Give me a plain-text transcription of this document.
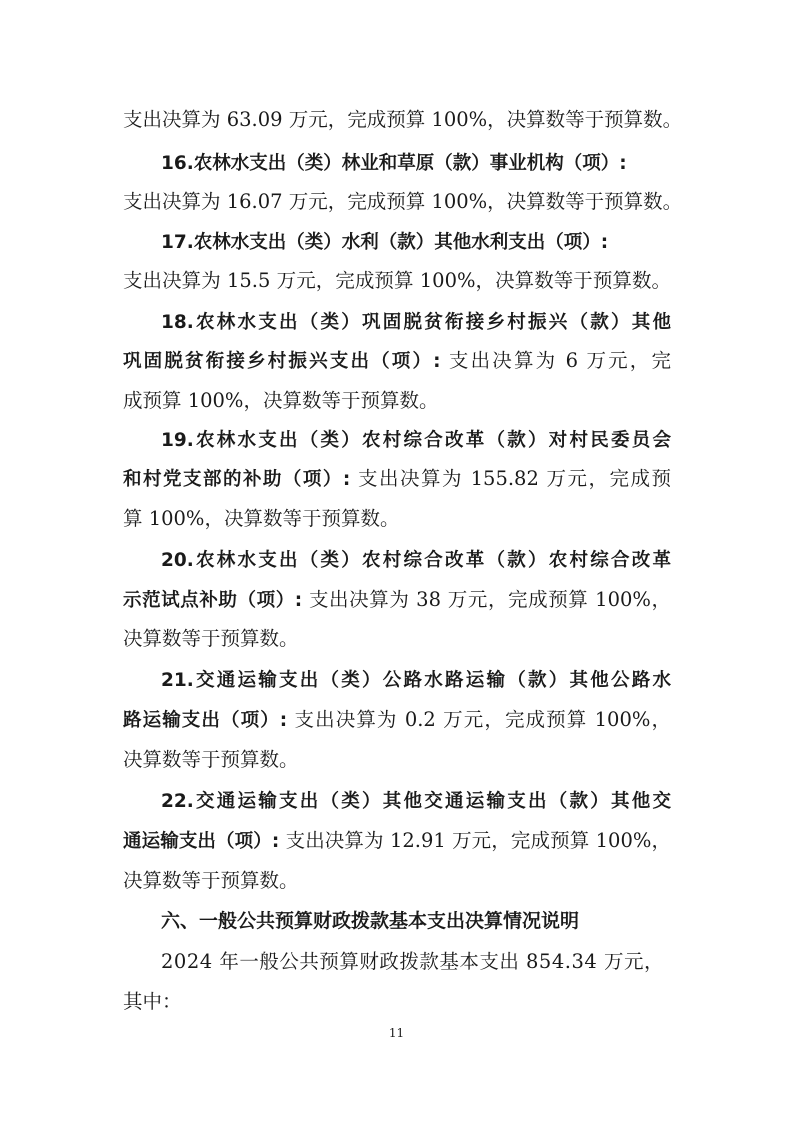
支出决算为 63.09 万元，完成预算 100%，决算数等于预算数。
16.农林水支出（类）林业和草原（款）事业机构（项）:
支出决算为 16.07 万元，完成预算 100%，决算数等于预算数。
17.农林水支出（类）水利（款）其他水利支出（项）:
支出决算为 15.5 万元，完成预算 100%，决算数等于预算数。
18.农林水支出（类）巩固脱贫衔接乡村振兴（款）其他
巩固脱贫衔接乡村振兴支出（项）: 支出决算为 6 万元，完
成预算 100%，决算数等于预算数。
19.农林水支出（类）农村综合改革（款）对村民委员会
和村党支部的补助（项）: 支出决算为 155.82 万元，完成预
算 100%，决算数等于预算数。
20.农林水支出（类）农村综合改革（款）农村综合改革
示范试点补助（项）: 支出决算为 38 万元，完成预算 100%，
决算数等于预算数。
21.交通运输支出（类）公路水路运输（款）其他公路水
路运输支出（项）: 支出决算为 0.2 万元，完成预算 100%，
决算数等于预算数。
22.交通运输支出（类）其他交通运输支出（款）其他交
通运输支出（项）: 支出决算为 12.91 万元，完成预算 100%，
决算数等于预算数。
六、一般公共预算财政拨款基本支出决算情况说明
2024 年一般公共预算财政拨款基本支出 854.34 万元，
其中：
11
